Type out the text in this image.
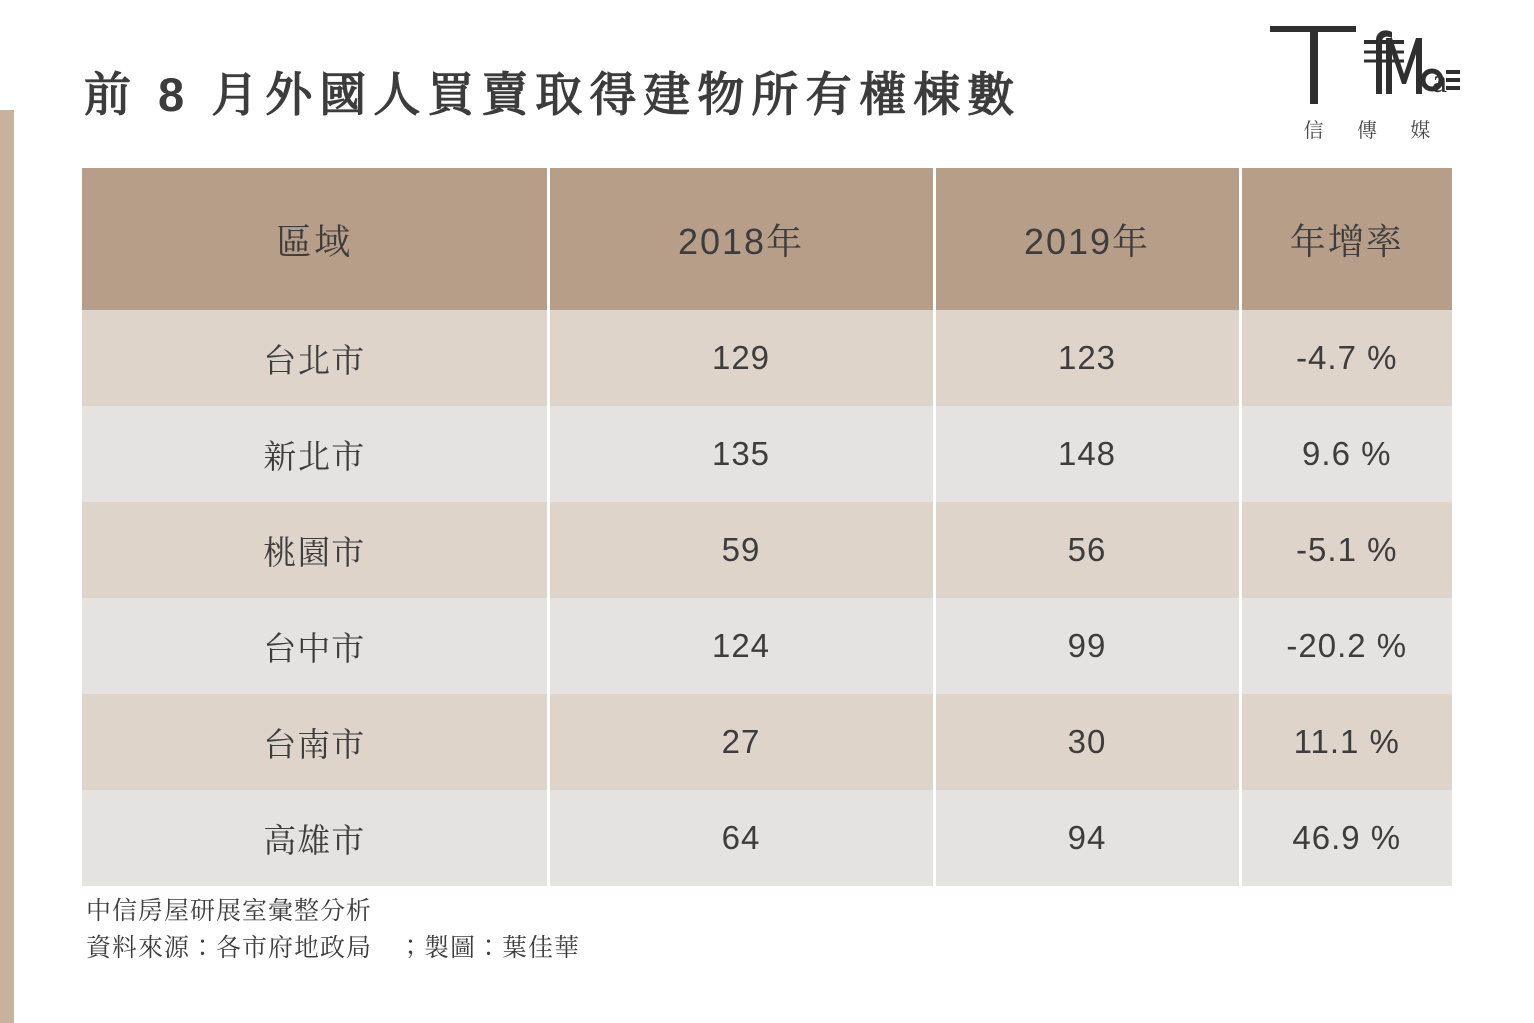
前 8 月外國人買賣取得建物所有權棟數	a
信 傳 媒
區域	2018年	2019年	年增率
台北市	129	123	-4.7 %
新北市	135	148	9.6 %
桃園市	59	56	-5.1 %
台中市	124	99	-20.2 %
台南市	27	30	11.1 %
高雄市	64	94	46.9 %
中信房屋研展室彙整分析
資料來源：各市府地政局　；製圖：葉佳華
